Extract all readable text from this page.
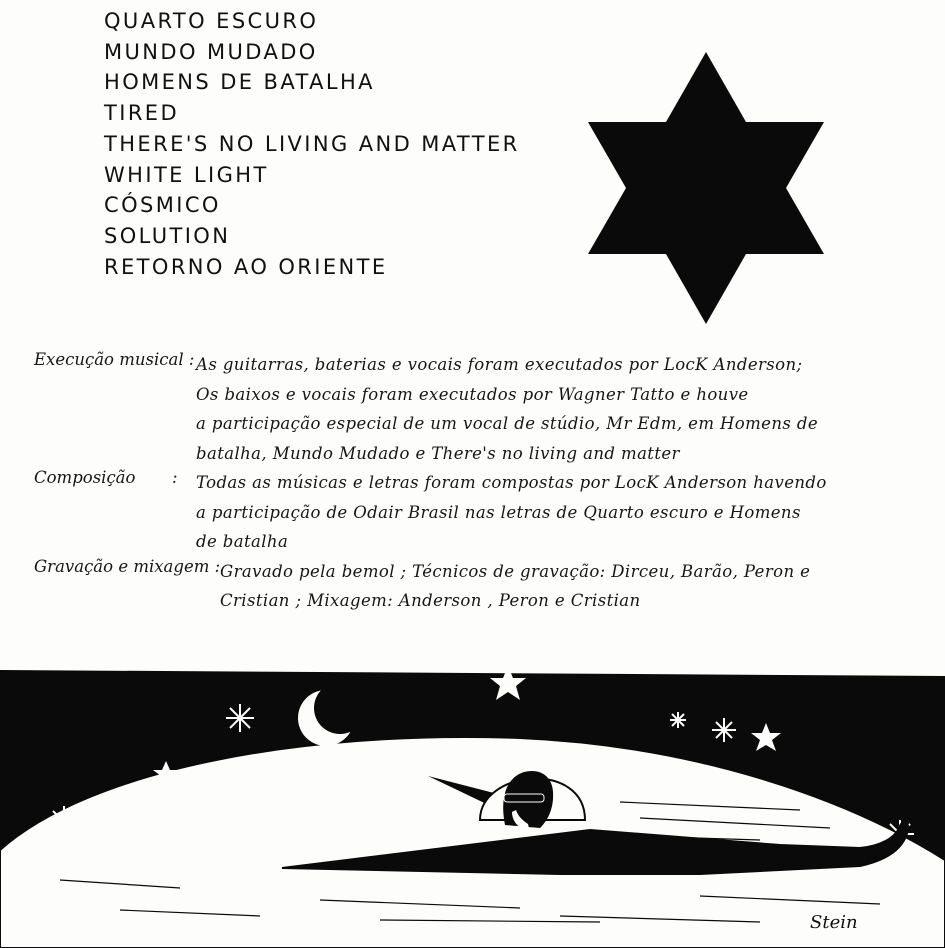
QUARTO ESCURO
MUNDO MUDADO
HOMENS DE BATALHA
TIRED
THERE'S NO LIVING AND MATTER
WHITE LIGHT
CÓSMICO
SOLUTION
RETORNO AO ORIENTE
Execução musical : As guitarras, baterias e vocais foram executados por LocK Anderson;
Os baixos e vocais foram executados por Wagner Tatto e houve
a participação especial de um vocal de stúdio, Mr Edm, em Homens de
batalha, Mundo Mudado e There's no living and matter
Composição	:	Todas as músicas e letras foram compostas por LocK Anderson havendo
a participação de Odair Brasil nas letras de Quarto escuro e Homens
de batalha
Gravação e mixagem : Gravado pela bemol ; Técnicos de gravação: Dirceu, Barão, Peron e
Cristian ; Mixagem: Anderson , Peron e Cristian
Stein
